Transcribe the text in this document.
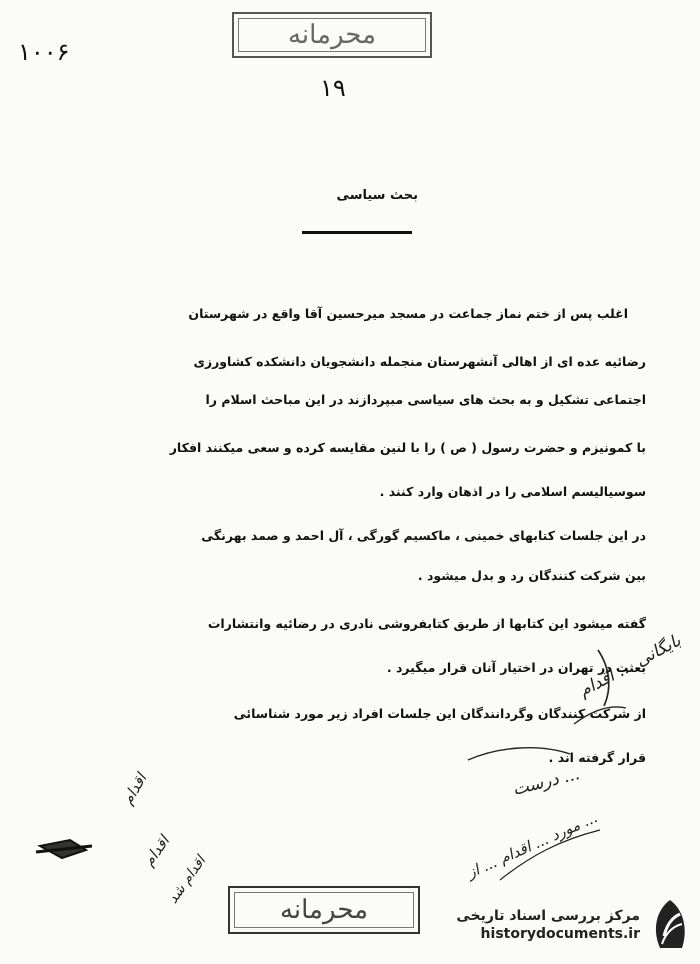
محرمانه
۱۰۰۶
۱۹
بحث سیاسی
اغلب پس از ختم نماز جماعت در مسجد میرحسین آقا واقع در شهرستان
رضائیه عده ای از اهالی آنشهرستان منجمله دانشجویان دانشکده کشاورزی
اجتماعی تشکیل و به بحث های سیاسی مبپردازند در این مباحث اسلام را
با کمونیزم و حضرت رسول ( ص ) را با لنین مقایسه کرده و سعی میکنند افکار
سوسیالیسم اسلامی را در اذهان وارد کنند .
در این جلسات کتابهای خمینی ، ماکسیم گورگی ، آل احمد و صمد بهرنگی
بین شرکت کنندگان رد و بدل میشود .
گفته میشود این کتابها از طریق کتابفروشی نادری در رضائیه وانتشارات
بعثت در تهران در اختیار آنان قرار میگیرد .
از شرکت کنندگان وگردانندگان این جلسات افراد زیر مورد شناسائی
قرار گرفته اند .
بایگانی ... اقدام
... درست
... مورد ... اقدام ... از
اقدام
اقدام
اقدام شد
محرمانه	مرکز بررسی اسناد تاریخی
historydocuments.ir
